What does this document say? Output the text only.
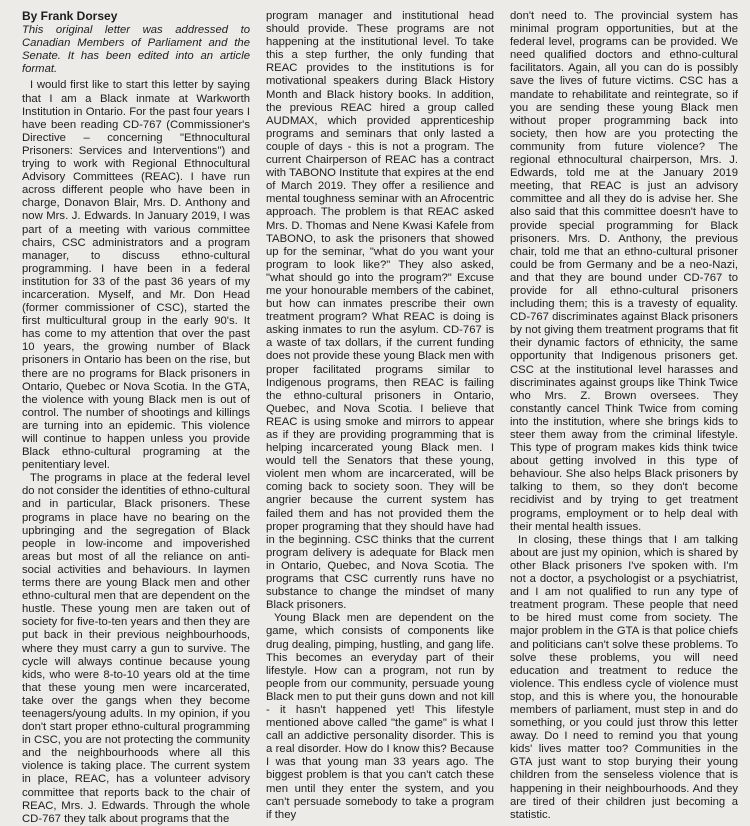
By Frank Dorsey
This original letter was addressed to Canadian Members of Parliament and the Senate. It has been edited into an article format.

I would first like to start this letter by saying that I am a Black inmate at Warkworth Institution in Ontario. For the past four years I have been reading CD-767 (Commissioner's Directive – concerning "Ethnocultural Prisoners: Services and Interventions") and trying to work with Regional Ethnocultural Advisory Committees (REAC). I have run across different people who have been in charge, Donavon Blair, Mrs. D. Anthony and now Mrs. J. Edwards. In January 2019, I was part of a meeting with various committee chairs, CSC administrators and a program manager, to discuss ethno-cultural programming. I have been in a federal institution for 33 of the past 36 years of my incarceration. Myself, and Mr. Don Head (former commissioner of CSC), started the first multicultural group in the early 90's. It has come to my attention that over the past 10 years, the growing number of Black prisoners in Ontario has been on the rise, but there are no programs for Black prisoners in Ontario, Quebec or Nova Scotia. In the GTA, the violence with young Black men is out of control. The number of shootings and killings are turning into an epidemic. This violence will continue to happen unless you provide Black ethno-cultural programing at the penitentiary level.

The programs in place at the federal level do not consider the identities of ethno-cultural and in particular, Black prisoners. These programs in place have no bearing on the upbringing and the segregation of Black people in low-income and impoverished areas but most of all the reliance on anti-social activities and behaviours. In laymen terms there are young Black men and other ethno-cultural men that are dependent on the hustle. These young men are taken out of society for five-to-ten years and then they are put back in their previous neighbourhoods, where they must carry a gun to survive. The cycle will always continue because young kids, who were 8-to-10 years old at the time that these young men were incarcerated, take over the gangs when they become teenagers/young adults. In my opinion, if you don't start proper ethno-cultural programming in CSC, you are not protecting the community and the neighbourhoods where all this violence is taking place. The current system in place, REAC, has a volunteer advisory committee that reports back to the chair of REAC, Mrs. J. Edwards. Through the whole CD-767 they talk about programs that the

program manager and institutional head should provide. These programs are not happening at the institutional level. To take this a step further, the only funding that REAC provides to the institutions is for motivational speakers during Black History Month and Black history books. In addition, the previous REAC hired a group called AUDMAX, which provided apprenticeship programs and seminars that only lasted a couple of days - this is not a program. The current Chairperson of REAC has a contract with TABONO Institute that expires at the end of March 2019. They offer a resilience and mental toughness seminar with an Afrocentric approach. The problem is that REAC asked Mrs. D. Thomas and Nene Kwasi Kafele from TABONO, to ask the prisoners that showed up for the seminar, "what do you want your program to look like?" They also asked, "what should go into the program?" Excuse me your honourable members of the cabinet, but how can inmates prescribe their own treatment program? What REAC is doing is asking inmates to run the asylum. CD-767 is a waste of tax dollars, if the current funding does not provide these young Black men with proper facilitated programs similar to Indigenous programs, then REAC is failing the ethno-cultural prisoners in Ontario, Quebec, and Nova Scotia. I believe that REAC is using smoke and mirrors to appear as if they are providing programming that is helping incarcerated young Black men. I would tell the Senators that these young, violent men whom are incarcerated, will be coming back to society soon. They will be angrier because the current system has failed them and has not provided them the proper programing that they should have had in the beginning. CSC thinks that the current program delivery is adequate for Black men in Ontario, Quebec, and Nova Scotia. The programs that CSC currently runs have no substance to change the mindset of many Black prisoners.

Young Black men are dependent on the game, which consists of components like drug dealing, pimping, hustling, and gang life. This becomes an everyday part of their lifestyle. How can a program, not run by people from our community, persuade young Black men to put their guns down and not kill - it hasn't happened yet! This lifestyle mentioned above called "the game" is what I call an addictive personality disorder. This is a real disorder. How do I know this? Because I was that young man 33 years ago. The biggest problem is that you can't catch these men until they enter the system, and you can't persuade somebody to take a program if they

don't need to. The provincial system has minimal program opportunities, but at the federal level, programs can be provided. We need qualified doctors and ethno-cultural facilitators. Again, all you can do is possibly save the lives of future victims. CSC has a mandate to rehabilitate and reintegrate, so if you are sending these young Black men without proper programming back into society, then how are you protecting the community from future violence? The regional ethnocultural chairperson, Mrs. J. Edwards, told me at the January 2019 meeting, that REAC is just an advisory committee and all they do is advise her. She also said that this committee doesn't have to provide special programming for Black prisoners. Mrs. D. Anthony, the previous chair, told me that an ethno-cultural prisoner could be from Germany and be a neo-Nazi, and that they are bound under CD-767 to provide for all ethno-cultural prisoners including them; this is a travesty of equality. CD-767 discriminates against Black prisoners by not giving them treatment programs that fit their dynamic factors of ethnicity, the same opportunity that Indigenous prisoners get. CSC at the institutional level harasses and discriminates against groups like Think Twice who Mrs. Z. Brown oversees. They constantly cancel Think Twice from coming into the institution, where she brings kids to steer them away from the criminal lifestyle. This type of program makes kids think twice about getting involved in this type of behaviour. She also helps Black prisoners by talking to them, so they don't become recidivist and by trying to get treatment programs, employment or to help deal with their mental health issues.

In closing, these things that I am talking about are just my opinion, which is shared by other Black prisoners I've spoken with. I'm not a doctor, a psychologist or a psychiatrist, and I am not qualified to run any type of treatment program. These people that need to be hired must come from society. The major problem in the GTA is that police chiefs and politicians can't solve these problems. To solve these problems, you will need education and treatment to reduce the violence. This endless cycle of violence must stop, and this is where you, the honourable members of parliament, must step in and do something, or you could just throw this letter away. Do I need to remind you that young kids' lives matter too? Communities in the GTA just want to stop burying their young children from the senseless violence that is happening in their neighbourhoods. And they are tired of their children just becoming a statistic.
